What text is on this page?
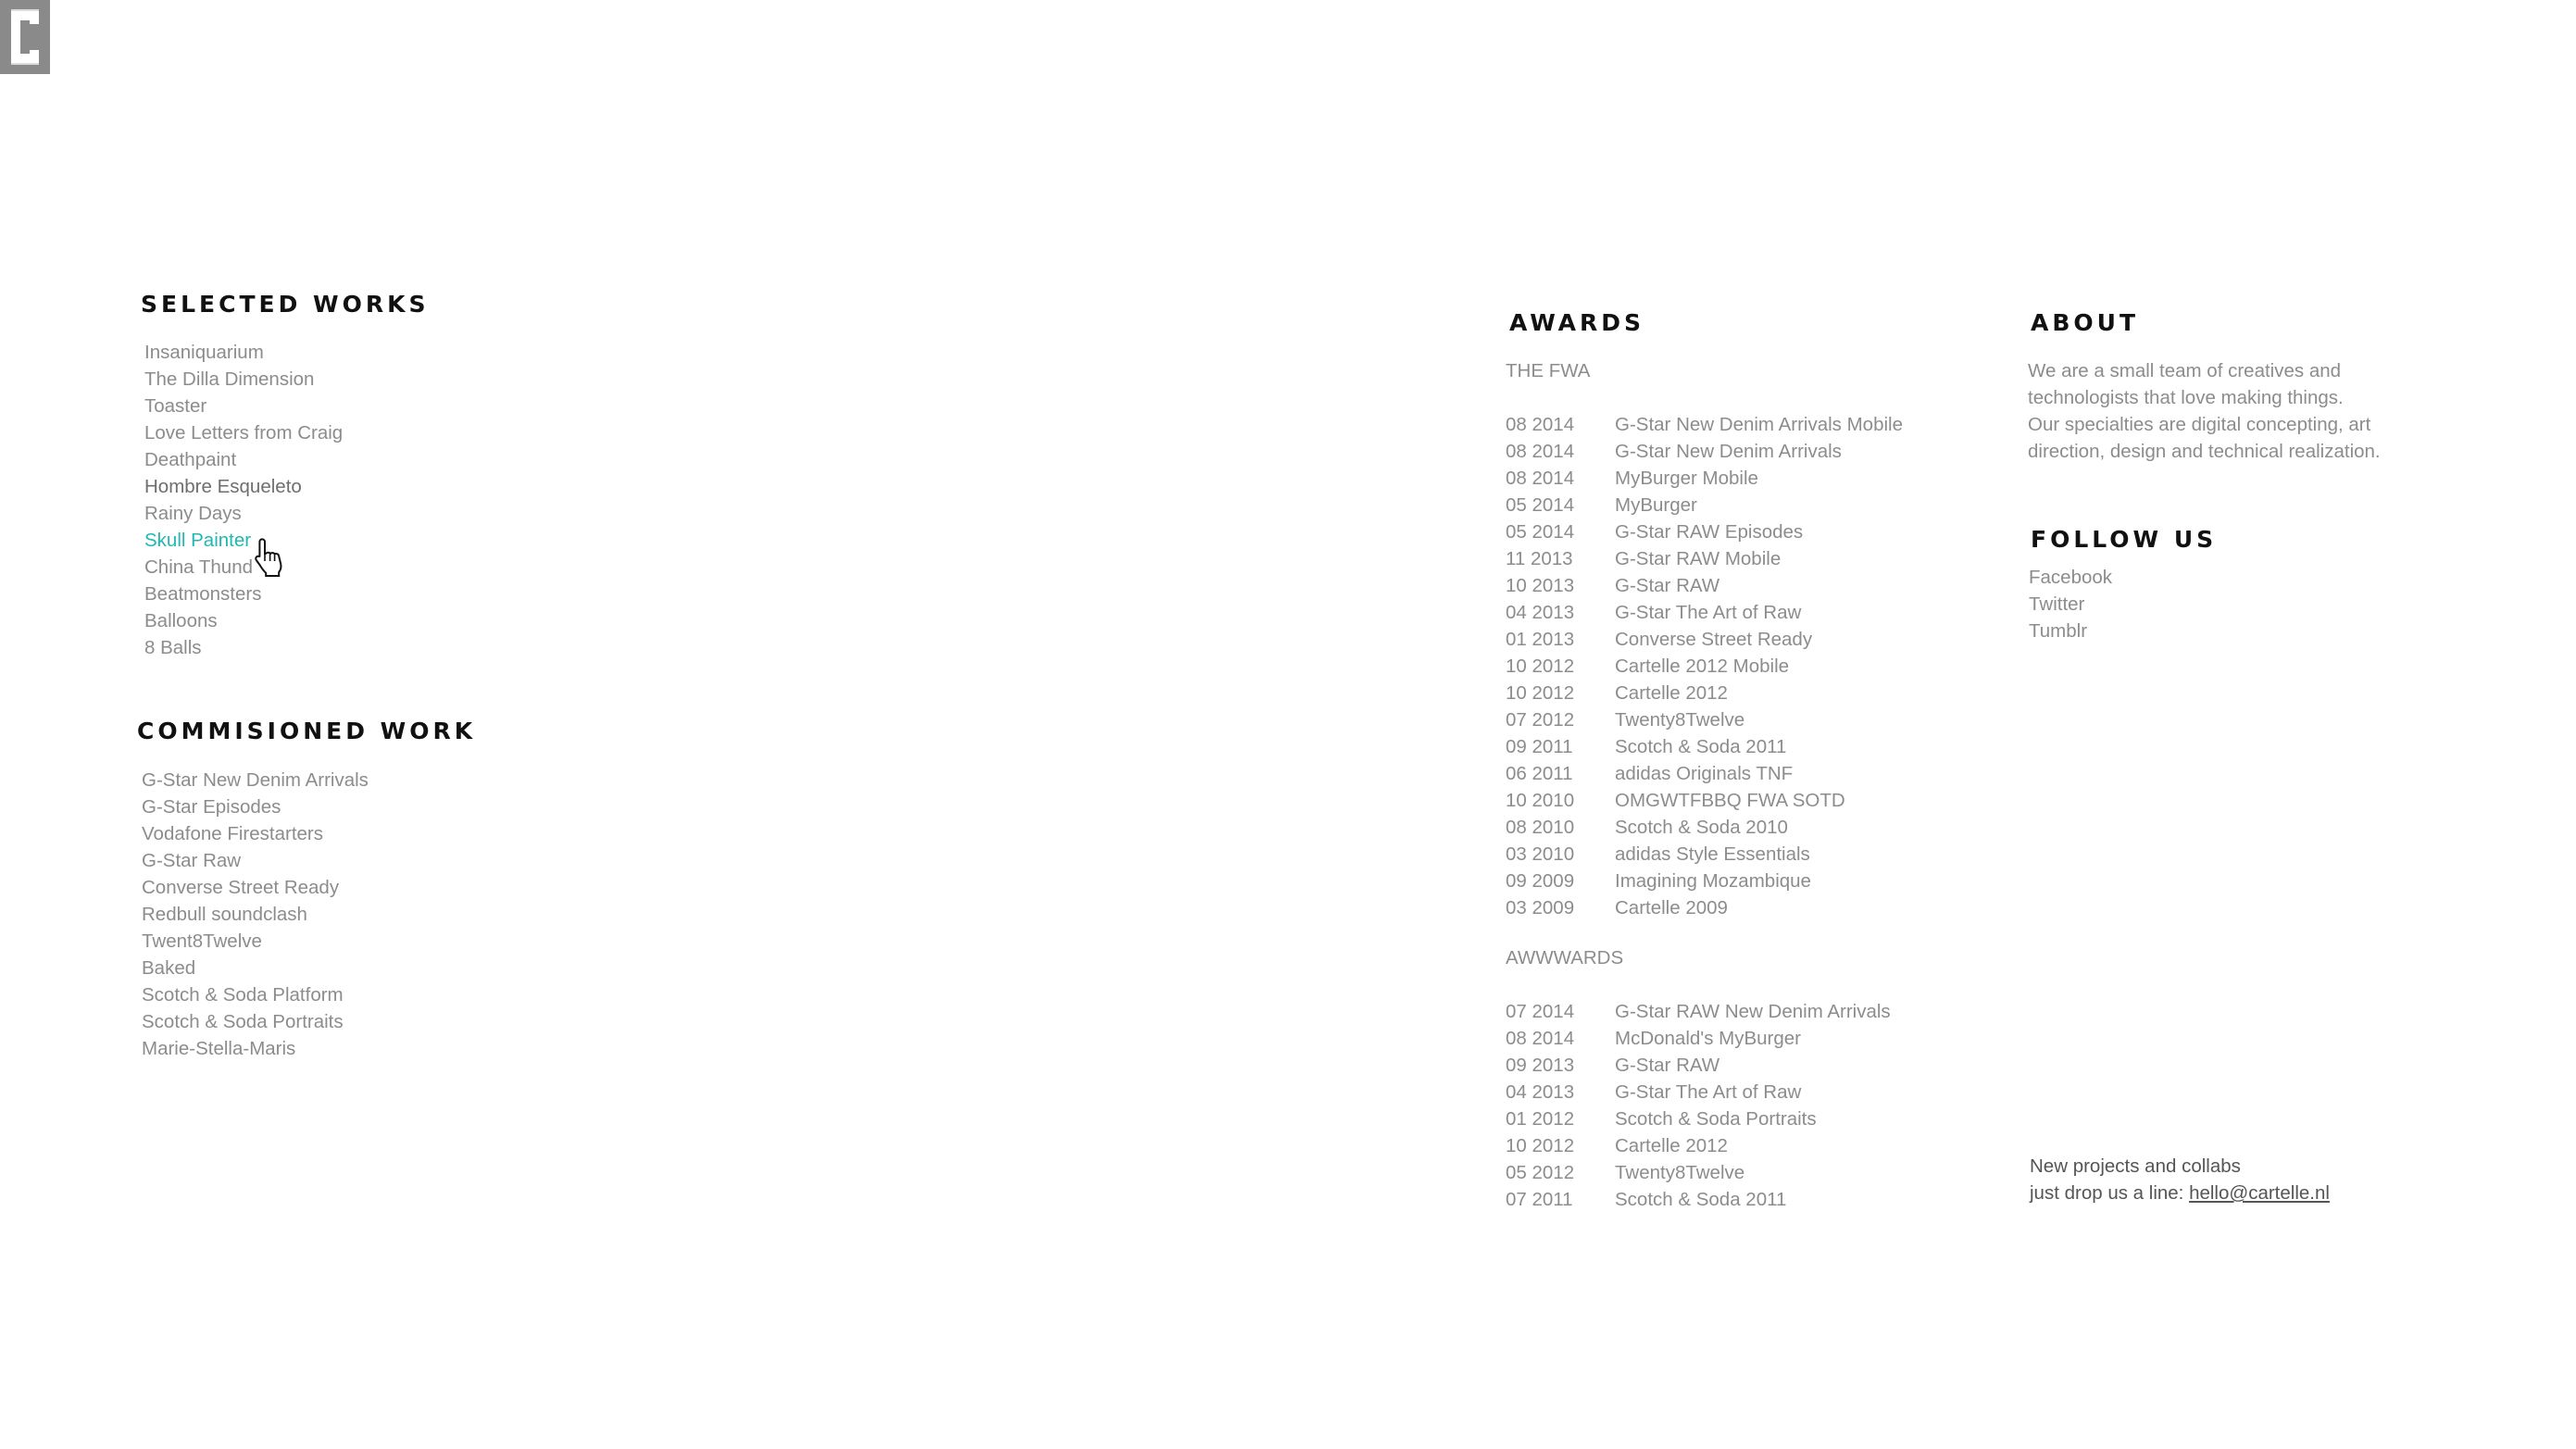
SELECTED WORKS
Insaniquarium
The Dilla Dimension
Toaster
Love Letters from Craig
Deathpaint
Hombre Esqueleto
Rainy Days
Skull Painter
China Thund
Beatmonsters
Balloons
8 Balls
COMMISIONED WORK
G-Star New Denim Arrivals
G-Star Episodes
Vodafone Firestarters
G-Star Raw
Converse Street Ready
Redbull soundclash
Twent8Twelve
Baked
Scotch & Soda Platform
Scotch & Soda Portraits
Marie-Stella-Maris
AWARDS
THE FWA
08 2014 G-Star New Denim Arrivals Mobile
08 2014 G-Star New Denim Arrivals
08 2014 MyBurger Mobile
05 2014 MyBurger
05 2014 G-Star RAW Episodes
11 2013 G-Star RAW Mobile
10 2013 G-Star RAW
04 2013 G-Star The Art of Raw
01 2013 Converse Street Ready
10 2012 Cartelle 2012 Mobile
10 2012 Cartelle 2012
07 2012 Twenty8Twelve
09 2011 Scotch & Soda 2011
06 2011 adidas Originals TNF
10 2010 OMGWTFBBQ FWA SOTD
08 2010 Scotch & Soda 2010
03 2010 adidas Style Essentials
09 2009 Imagining Mozambique
03 2009 Cartelle 2009
AWWWARDS
07 2014 G-Star RAW New Denim Arrivals
08 2014 McDonald's MyBurger
09 2013 G-Star RAW
04 2013 G-Star The Art of Raw
01 2012 Scotch & Soda Portraits
10 2012 Cartelle 2012
05 2012 Twenty8Twelve
07 2011 Scotch & Soda 2011
ABOUT
We are a small team of creatives and
technologists that love making things.
Our specialties are digital concepting, art
direction, design and technical realization.
FOLLOW US
Facebook
Twitter
Tumblr
New projects and collabs
just drop us a line: hello@cartelle.nl
